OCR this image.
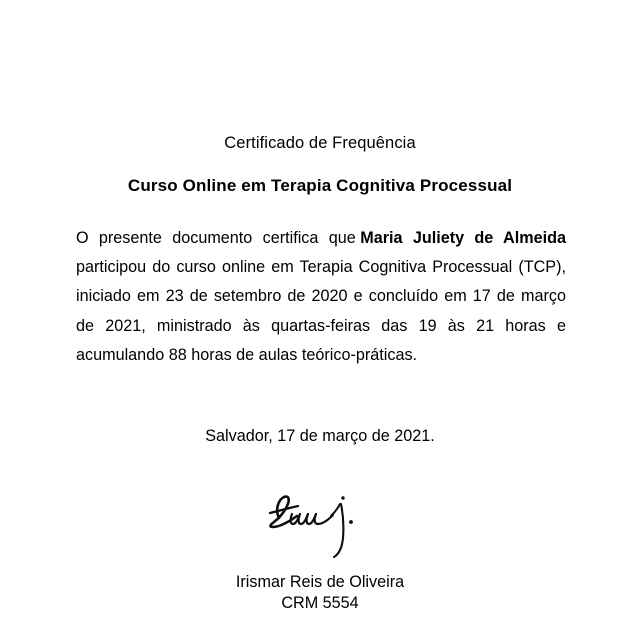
Certificado de Frequência

Curso Online em Terapia Cognitiva Processual

O presente documento certifica que Maria Juliety de Almeida

participou do curso online em Terapia Cognitiva Processual (TCP),

iniciado em 23 de setembro de 2020 e concluído em 17 de março

de 2021, ministrado às quartas-feiras das 19 às 21 horas e

acumulando 88 horas de aulas teórico-práticas.

Salvador, 17 de março de 2021.

Irismar Reis de Oliveira

CRM 5554
